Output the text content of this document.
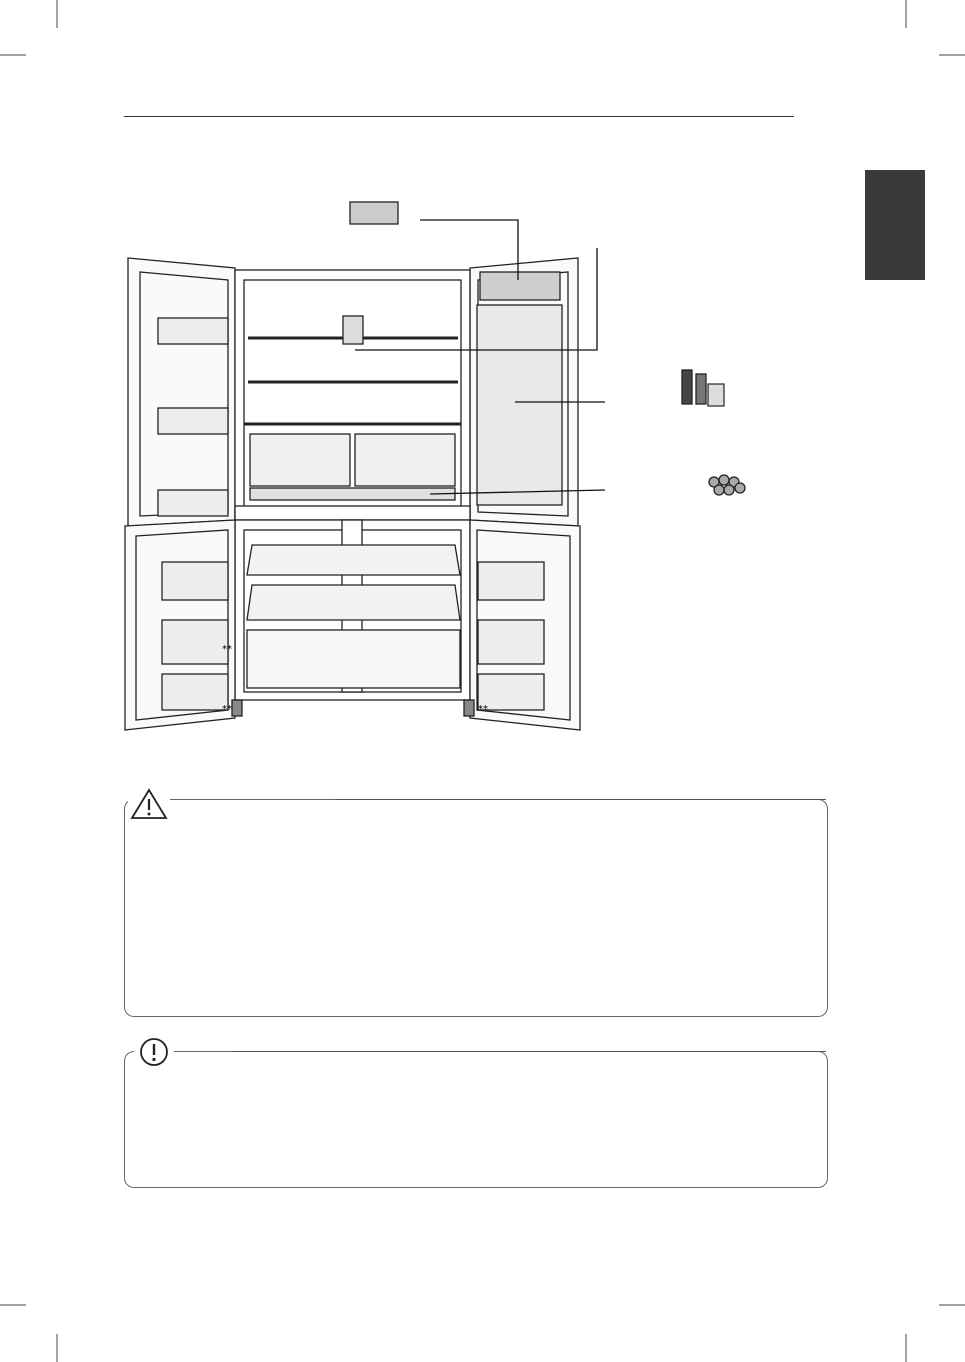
**
**	**
